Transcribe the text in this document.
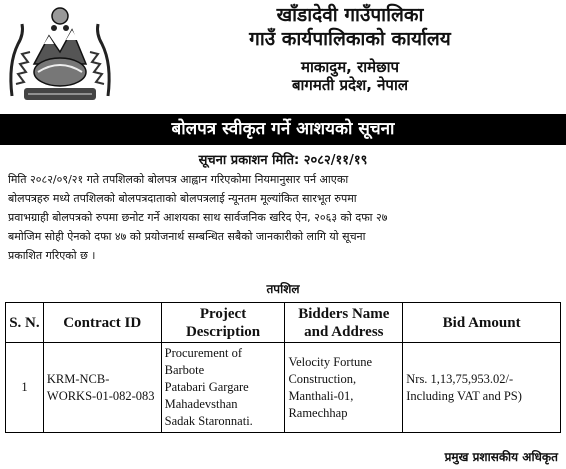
खाँडादेवी गाउँपालिका
गाउँ कार्यपालिकाको कार्यालय
माकादुम, रामेछाप
बागमती प्रदेश, नेपाल
बोलपत्र स्वीकृत गर्ने आशयको सूचना
सूचना प्रकाशन मिति: २०८२/११/१९
मिति २०८२/०९/२१ गते तपशिलको बोलपत्र आह्वान गरिएकोमा नियमानुसार पर्न आएका
बोलपत्रहरु मध्ये तपशिलको बोलपत्रदाताको बोलपत्रलाई न्यूनतम मूल्यांकित सारभूत रुपमा
प्रवाभग्राही बोलपत्रको रुपमा छनोट गर्ने आशयका साथ सार्वजनिक खरिद ऐन, २०६३ को दफा २७
बमोजिम सोही ऐनको दफा ४७ को प्रयोजनार्थ सम्बन्धित सबैको जानकारीको लागि यो सूचना
प्रकाशित गरिएको छ ।
तपशिल
S. N.	Contract ID	Project Description	Bidders Name and Address	Bid Amount
1	KRM-NCB-
WORKS-01-082-083	Procurement of Barbote
Patabari Gargare
Mahadevsthan
Sadak Staronnati.	Velocity Fortune
Construction,
Manthali-01,
Ramechhap	Nrs. 1,13,75,953.02/-
Including VAT and PS)
प्रमुख प्रशासकीय अधिकृत
